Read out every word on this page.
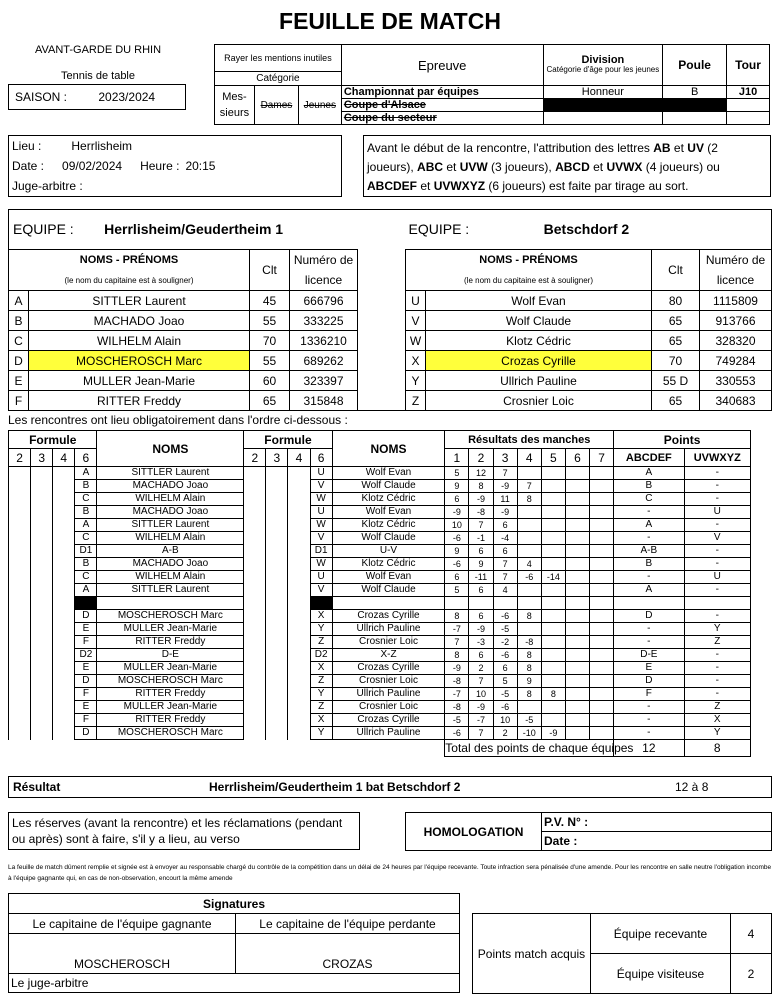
FEUILLE DE MATCH
AVANT-GARDE DU RHIN
Tennis de table
SAISON :	2023/2024
Rayer les mentions inutiles			Epreuve	Division
Catégorie d'âge pour les jeunes	Poule	Tour
Catégorie						
Mes-sieurs	Dames	Jeunes	Championnat par équipes	Honneur	B	J10
			Coupe d'Alsace			
			Coupe du secteur			
Lieu :	Herrlisheim
Date : 09/02/2024 Heure : 20:15
Juge-arbitre :
Avant le début de la rencontre, l'attribution des lettres AB et UV (2 joueurs), ABC et UVW (3 joueurs), ABCD et UVWX (4 joueurs) ou ABCDEF et UVWXYZ (6 joueurs) est faite par tirage au sort.
EQUIPE : Herrlisheim/Geudertheim 1			
NOMS - PRÉNOMS		Clt	Numéro de licence
(le nom du capitaine est à souligner)			
A	SITTLER Laurent	45	666796
B	MACHADO Joao	55	333225
C	WILHELM Alain	70	1336210
D	MOSCHEROSCH Marc	55	689262
E	MULLER Jean-Marie	60	323397
F	RITTER Freddy	65	315848
EQUIPE : Betschdorf 2			
NOMS - PRÉNOMS		Clt	Numéro de licence
(le nom du capitaine est à souligner)			
U	Wolf Evan	80	1115809
V	Wolf Claude	65	913766
W	Klotz Cédric	65	328320
X	Crozas Cyrille	70	749284
Y	Ullrich Pauline	55 D	330553
Z	Crosnier Loic	65	340683
Les rencontres ont lieu obligatoirement dans l'ordre ci-dessous :
Formule				NOMS	Formule				NOMS	Résultats des manches							Points	
2	3	4	6		2	3	4	6		1	2	3	4	5	6	7	ABCDEF	UVWXYZ
			A	SITTLER Laurent				U	Wolf Evan	5	12	7					A	-
			B	MACHADO Joao				V	Wolf Claude	9	8	-9	7				B	-
			C	WILHELM Alain				W	Klotz Cédric	6	-9	11	8				C	-
			B	MACHADO Joao				U	Wolf Evan	-9	-8	-9					-	U
			A	SITTLER Laurent				W	Klotz Cédric	10	7	6					A	-
			C	WILHELM Alain				V	Wolf Claude	-6	-1	-4					-	V
			D1	A-B				D1	U-V	9	6	6					A-B	-
			B	MACHADO Joao				W	Klotz Cédric	-6	9	7	4				B	-
			C	WILHELM Alain				U	Wolf Evan	6	-11	7	-6	-14			-	U
			A	SITTLER Laurent				V	Wolf Claude	5	6	4					A	-

			D	MOSCHEROSCH Marc				X	Crozas Cyrille	8	6	-6	8				D	-
			E	MULLER Jean-Marie				Y	Ullrich Pauline	-7	-9	-5					-	Y
			F	RITTER Freddy				Z	Crosnier Loic	7	-3	-2	-8				-	Z
			D2	D-E				D2	X-Z	8	6	-6	8				D-E	-
			E	MULLER Jean-Marie				X	Crozas Cyrille	-9	2	6	8				E	-
			D	MOSCHEROSCH Marc				Z	Crosnier Loic	-8	7	5	9				D	-
			F	RITTER Freddy				Y	Ullrich Pauline	-7	10	-5	8	8			F	-
			E	MULLER Jean-Marie				Z	Crosnier Loic	-8	-9	-6					-	Z
			F	RITTER Freddy				X	Crozas Cyrille	-5	-7	10	-5				-	X
			D	MOSCHEROSCH Marc				Y	Ullrich Pauline	-6	7	2	-10	-9			-	Y
										Total des points de chaque équipes							12	8
Résultat	Herrlisheim/Geudertheim 1 bat Betschdorf 2	12 à 8
Les réserves (avant la rencontre) et les réclamations (pendant ou après) sont à faire, s'il y a lieu, au verso
HOMOLOGATION	P.V. N° :
Date :
La feuille de match dûment remplie et signée est à envoyer au responsable chargé du contrôle de la compétition dans un délai de 24 heures par l'équipe recevante. Toute infraction sera pénalisée d'une amende. Pour les rencontre en salle neutre l'obligation incombe à l'équipe gagnante qui, en cas de non-observation, encourt la même amende
Signatures	
Le capitaine de l'équipe gagnante	Le capitaine de l'équipe perdante
MOSCHEROSCH	CROZAS
Le juge-arbitre	
Points match acquis	Équipe recevante	4
	Équipe visiteuse	2
